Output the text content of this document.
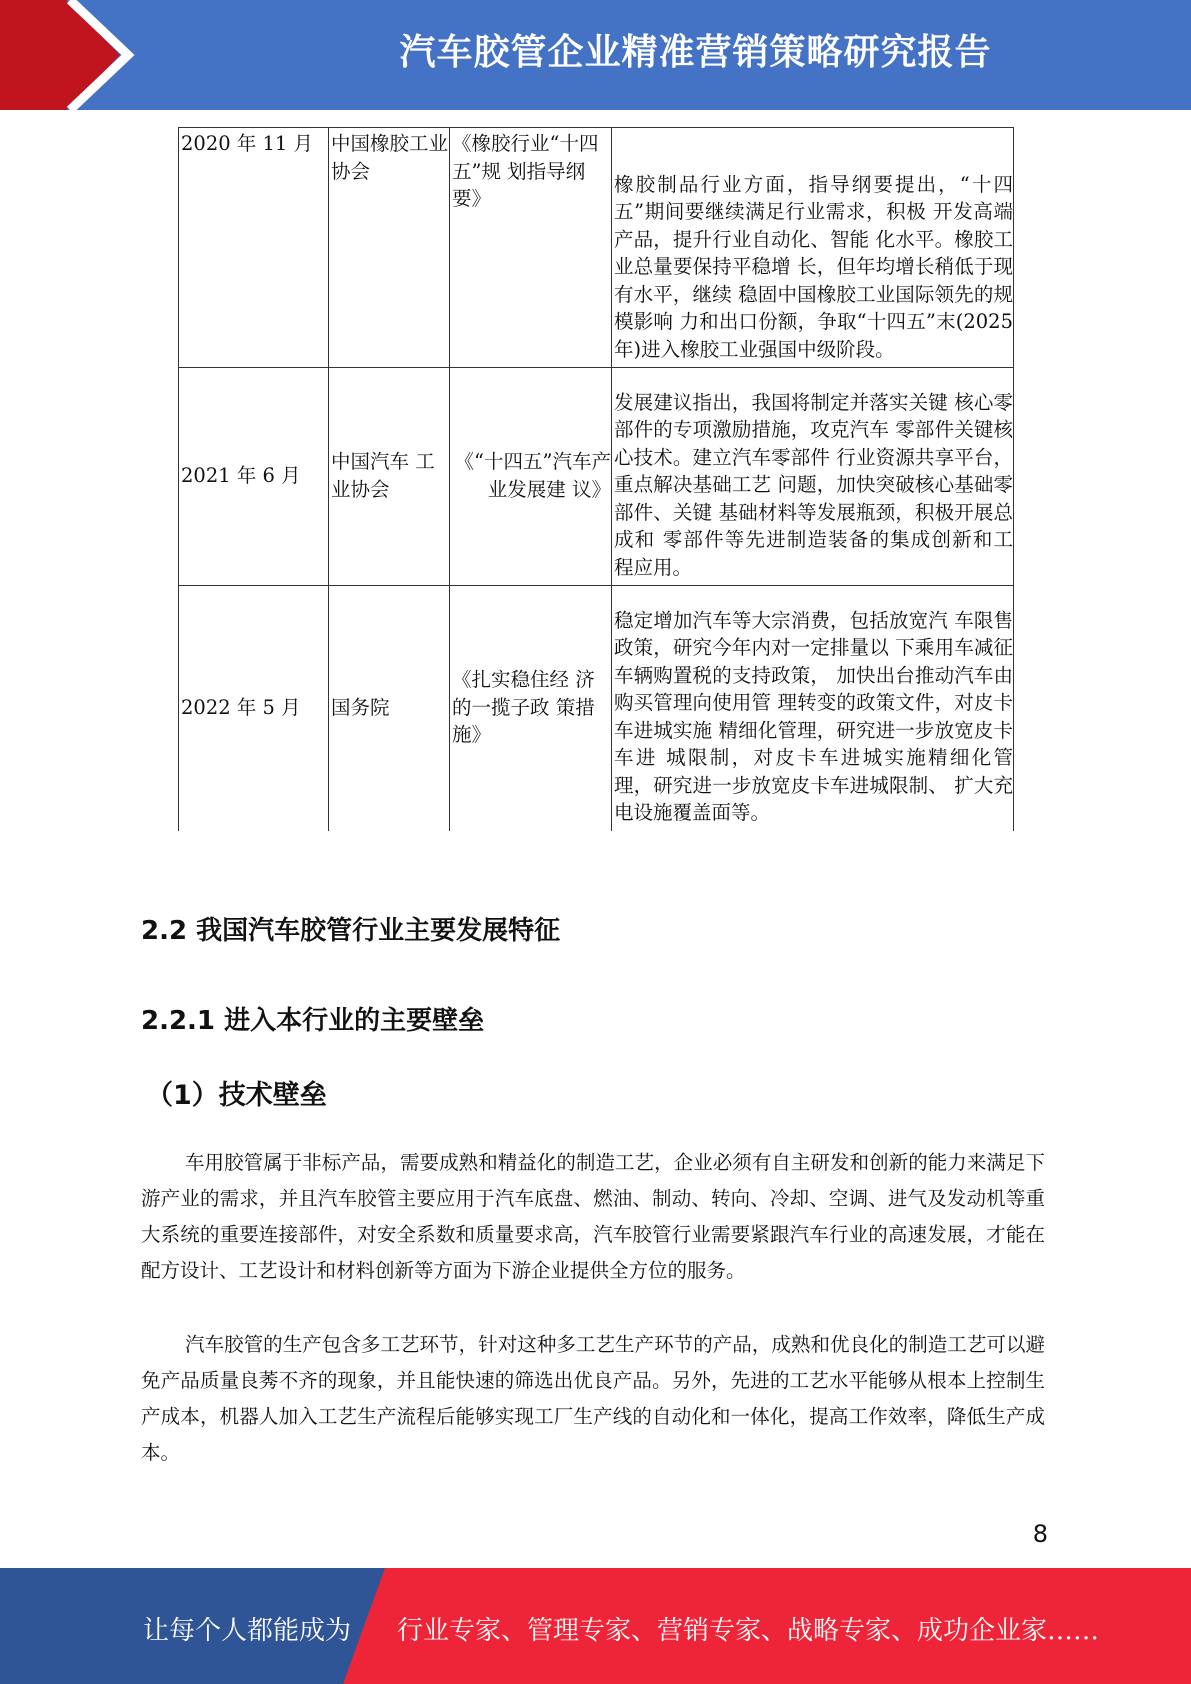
汽车胶管企业精准营销策略研究报告
2020 年 11 月	中国橡胶工业协会	《橡胶行业“十四五”规 划指导纲要》	橡胶制品行业方面，指导纲要提出，“十四五”期间要继续满足行业需求，积极 开发高端产品，提升行业自动化、智能 化水平。橡胶工业总量要保持平稳增 长，但年均增长稍低于现有水平，继续 稳固中国橡胶工业国际领先的规模影响 力和出口份额，争取“十四五”末(2025 年)进入橡胶工业强国中级阶段。
2021 年 6 月	中国汽车 工业协会	《“十四五”汽车产业发展建 议》	发展建议指出，我国将制定并落实关键 核心零部件的专项激励措施，攻克汽车 零部件关键核心技术。建立汽车零部件 行业资源共享平台，重点解决基础工艺 问题，加快突破核心基础零部件、关键 基础材料等发展瓶颈，积极开展总成和 零部件等先进制造装备的集成创新和工 程应用。
2022 年 5 月	国务院	《扎实稳住经 济的一揽子政 策措施》	稳定增加汽车等大宗消费，包括放宽汽 车限售政策，研究今年内对一定排量以 下乘用车减征车辆购置税的支持政策， 加快出台推动汽车由购买管理向使用管 理转变的政策文件，对皮卡车进城实施 精细化管理，研究进一步放宽皮卡车进 城限制，对皮卡车进城实施精细化管 理，研究进一步放宽皮卡车进城限制、 扩大充电设施覆盖面等。
2.2 我国汽车胶管行业主要发展特征
2.2.1 进入本行业的主要壁垒
（1）技术壁垒

车用胶管属于非标产品，需要成熟和精益化的制造工艺，企业必须有自主研发和创新的能力来满足下游产业的需求，并且汽车胶管主要应用于汽车底盘、燃油、制动、转向、冷却、空调、进气及发动机等重大系统的重要连接部件，对安全系数和质量要求高，汽车胶管行业需要紧跟汽车行业的高速发展，才能在配方设计、工艺设计和材料创新等方面为下游企业提供全方位的服务。

汽车胶管的生产包含多工艺环节，针对这种多工艺生产环节的产品，成熟和优良化的制造工艺可以避免产品质量良莠不齐的现象，并且能快速的筛选出优良产品。另外，先进的工艺水平能够从根本上控制生产成本，机器人加入工艺生产流程后能够实现工厂生产线的自动化和一体化，提高工作效率，降低生产成本。

8
让每个人都能成为 行业专家、管理专家、营销专家、战略专家、成功企业家……
